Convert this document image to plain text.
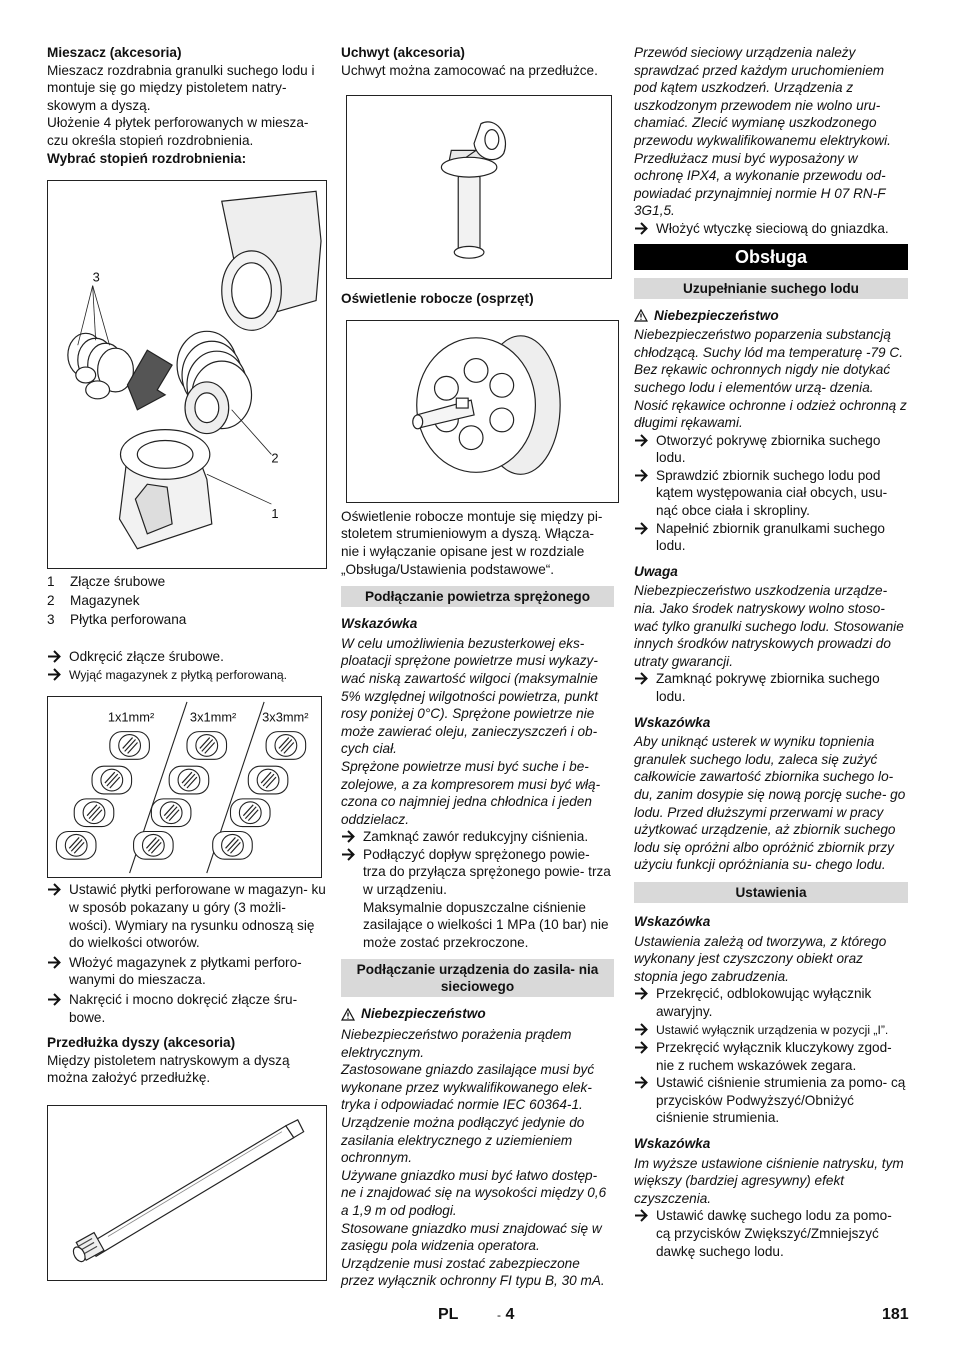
Mieszacz (akcesoria)

Mieszacz rozdrabnia granulki suchego lodu i montuje się go między pistoletem natry- skowym a dyszą.

Ułożenie 4 płytek perforowanych w miesza- czu określa stopień rozdrobnienia.

Wybrać stopień rozdrobnienia:

3
2
1
1	Złącze śrubowe
2	Magazynek
3	Płytka perforowana
Odkręcić złącze śrubowe.
Wyjąć magazynek z płytką perforowaną.
1x1mm²	3x1mm² 3x3mm²
Ustawić płytki perforowane w magazyn- ku w sposób pokazany u góry (3 możli- wości). Wymiary na rysunku odnoszą się do wielkości otworów.
Włożyć magazynek z płytkami perforo- wanymi do mieszacza.
Nakręcić i mocno dokręcić złącze śru- bowe.

Przedłużka dyszy (akcesoria)

Między pistoletem natryskowym a dyszą można założyć przedłużkę.

Uchwyt (akcesoria)

Uchwyt można zamocować na przedłużce.

Oświetlenie robocze (osprzęt)

Oświetlenie robocze montuje się między pi- stoletem strumieniowym a dyszą. Włącza- nie i wyłączanie opisane jest w rozdziale „Obsługa/Ustawienia podstawowe“.

Podłączanie powietrza sprężonego

Wskazówka

W celu umożliwienia bezusterkowej eks- ploatacji sprężone powietrze musi wykazy- wać niską zawartość wilgoci (maksymalnie 5% względnej wilgotności powietrza, punkt rosy poniżej 0°C). Sprężone powietrze nie może zawierać oleju, zanieczyszczeń i ob- cych ciał.

Sprężone powietrze musi być suche i be- zolejowe, a za kompresorem musi być włą- czona co najmniej jedna chłodnica i jeden oddzielacz.

Zamknąć zawór redukcyjny ciśnienia.
Podłączyć dopływ sprężonego powie- trza do przyłącza sprężonego powie- trza w urządzeniu.

Maksymalnie dopuszczalne ciśnienie zasilające o wielkości 1 MPa (10 bar) nie może zostać przekroczone.

Podłączanie urządzenia do zasila- nia sieciowego
Niebezpieczeństwo

Niebezpieczeństwo porażenia prądem elektrycznym.

Zastosowane gniazdo zasilające musi być wykonane przez wykwalifikowanego elek- tryka i odpowiadać normie IEC 60364-1.

Urządzenie można podłączyć jedynie do zasilania elektrycznego z uziemieniem ochronnym.

Używane gniazdko musi być łatwo dostęp- ne i znajdować się na wysokości między 0,6 a 1,9 m od podłogi.

Stosowane gniazdko musi znajdować się w zasięgu pola widzenia operatora.

Urządzenie musi zostać zabezpieczone przez wyłącznik ochronny FI typu B, 30 mA.

Przewód sieciowy urządzenia należy sprawdzać przed każdym uruchomieniem pod kątem uszkodzeń. Urządzenia z uszkodzonym przewodem nie wolno uru- chamiać. Zlecić wymianę uszkodzonego przewodu wykwalifikowanemu elektrykowi. Przedłużacz musi być wyposażony w ochronę IPX4, a wykonanie przewodu od- powiadać przynajmniej normie H 07 RN-F 3G1,5.

Włożyć wtyczkę sieciową do gniazdka.
Obsługa
Uzupełnianie suchego lodu
Niebezpieczeństwo

Niebezpieczeństwo poparzenia substancją chłodzącą. Suchy lód ma temperaturę -79 C. Bez rękawic ochronnych nigdy nie dotykać suchego lodu i elementów urzą- dzenia. Nosić rękawice ochronne i odzież ochronną z długimi rękawami.

Otworzyć pokrywę zbiornika suchego lodu.
Sprawdzić zbiornik suchego lodu pod kątem występowania ciał obcych, usu- nąć obce ciała i skropliny.
Napełnić zbiornik granulkami suchego lodu.

Uwaga

Niebezpieczeństwo uszkodzenia urządze- nia. Jako środek natryskowy wolno stoso- wać tylko granulki suchego lodu. Stosowanie innych środków natryskowych prowadzi do utraty gwarancji.

Zamknąć pokrywę zbiornika suchego lodu.

Wskazówka

Aby uniknąć usterek w wyniku topnienia granulek suchego lodu, zaleca się zużyć całkowicie zawartość zbiornika suchego lo- du, zanim dosypie się nową porcję suche- go lodu. Przed dłuższymi przerwami w pracy użytkować urządzenie, aż zbiornik suchego lodu się opróżni albo opróżnić zbiornik przy użyciu funkcji opróżniania su- chego lodu.

Ustawienia

Wskazówka

Ustawienia zależą od tworzywa, z którego wykonany jest czyszczony obiekt oraz stopnia jego zabrudzenia.

Przekręcić, odblokowując wyłącznik awaryjny.
Ustawić wyłącznik urządzenia w pozycji „I”.
Przekręcić wyłącznik kluczykowy zgod- nie z ruchem wskazówek zegara.
Ustawić ciśnienie strumienia za pomo- cą przycisków Podwyższyć/Obniżyć ciśnienie strumienia.

Wskazówka

Im wyższe ustawione ciśnienie natrysku, tym większy (bardziej agresywny) efekt czyszczenia.

Ustawić dawkę suchego lodu za pomo- cą przycisków Zwiększyć/Zmniejszyć dawkę suchego lodu.
PL	- 4	181
